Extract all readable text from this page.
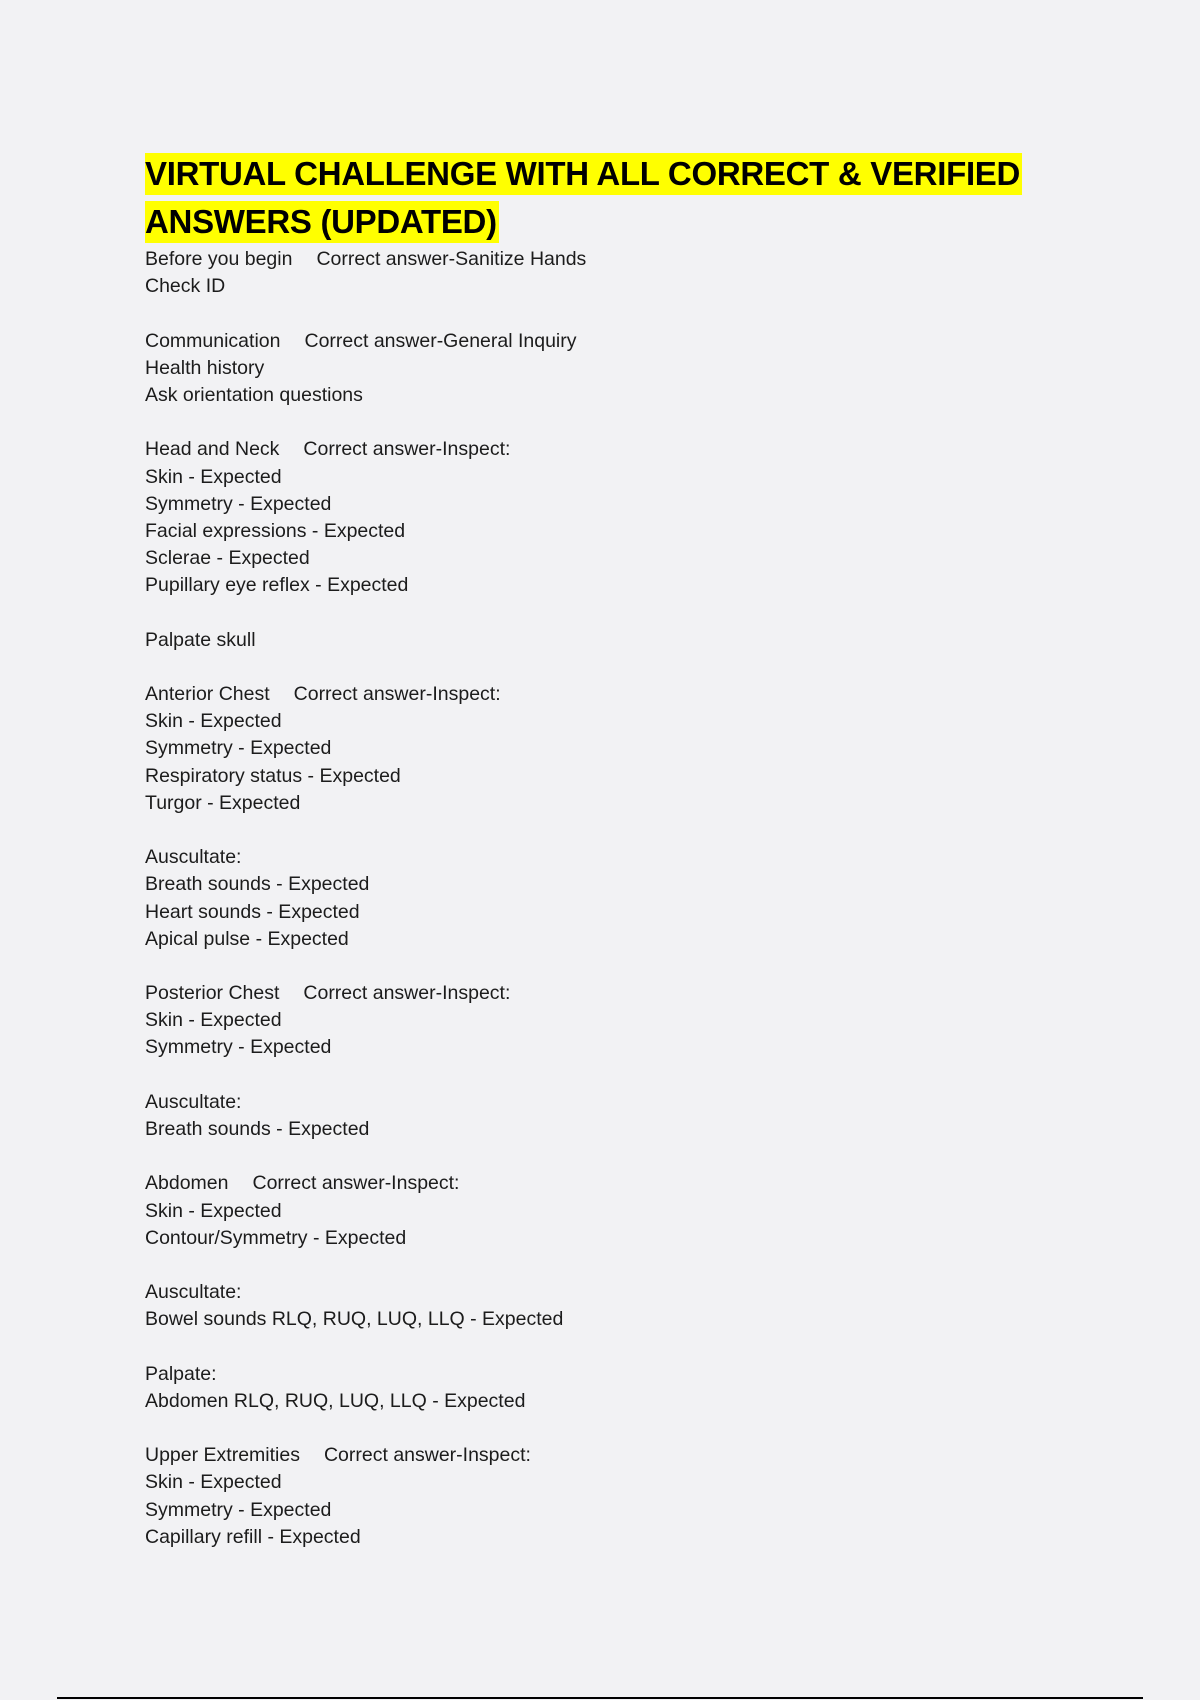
VIRTUAL CHALLENGE WITH ALL CORRECT & VERIFIED ANSWERS (UPDATED)
Before you begin Correct answer-Sanitize Hands
Check ID
Communication Correct answer-General Inquiry
Health history
Ask orientation questions
Head and Neck Correct answer-Inspect:
Skin - Expected
Symmetry - Expected
Facial expressions - Expected
Sclerae - Expected
Pupillary eye reflex - Expected
Palpate skull
Anterior Chest Correct answer-Inspect:
Skin - Expected
Symmetry - Expected
Respiratory status - Expected
Turgor - Expected
Auscultate:
Breath sounds - Expected
Heart sounds - Expected
Apical pulse - Expected
Posterior Chest Correct answer-Inspect:
Skin - Expected
Symmetry - Expected
Auscultate:
Breath sounds - Expected
Abdomen Correct answer-Inspect:
Skin - Expected
Contour/Symmetry - Expected
Auscultate:
Bowel sounds RLQ, RUQ, LUQ, LLQ - Expected
Palpate:
Abdomen RLQ, RUQ, LUQ, LLQ - Expected
Upper Extremities Correct answer-Inspect:
Skin - Expected
Symmetry - Expected
Capillary refill - Expected
